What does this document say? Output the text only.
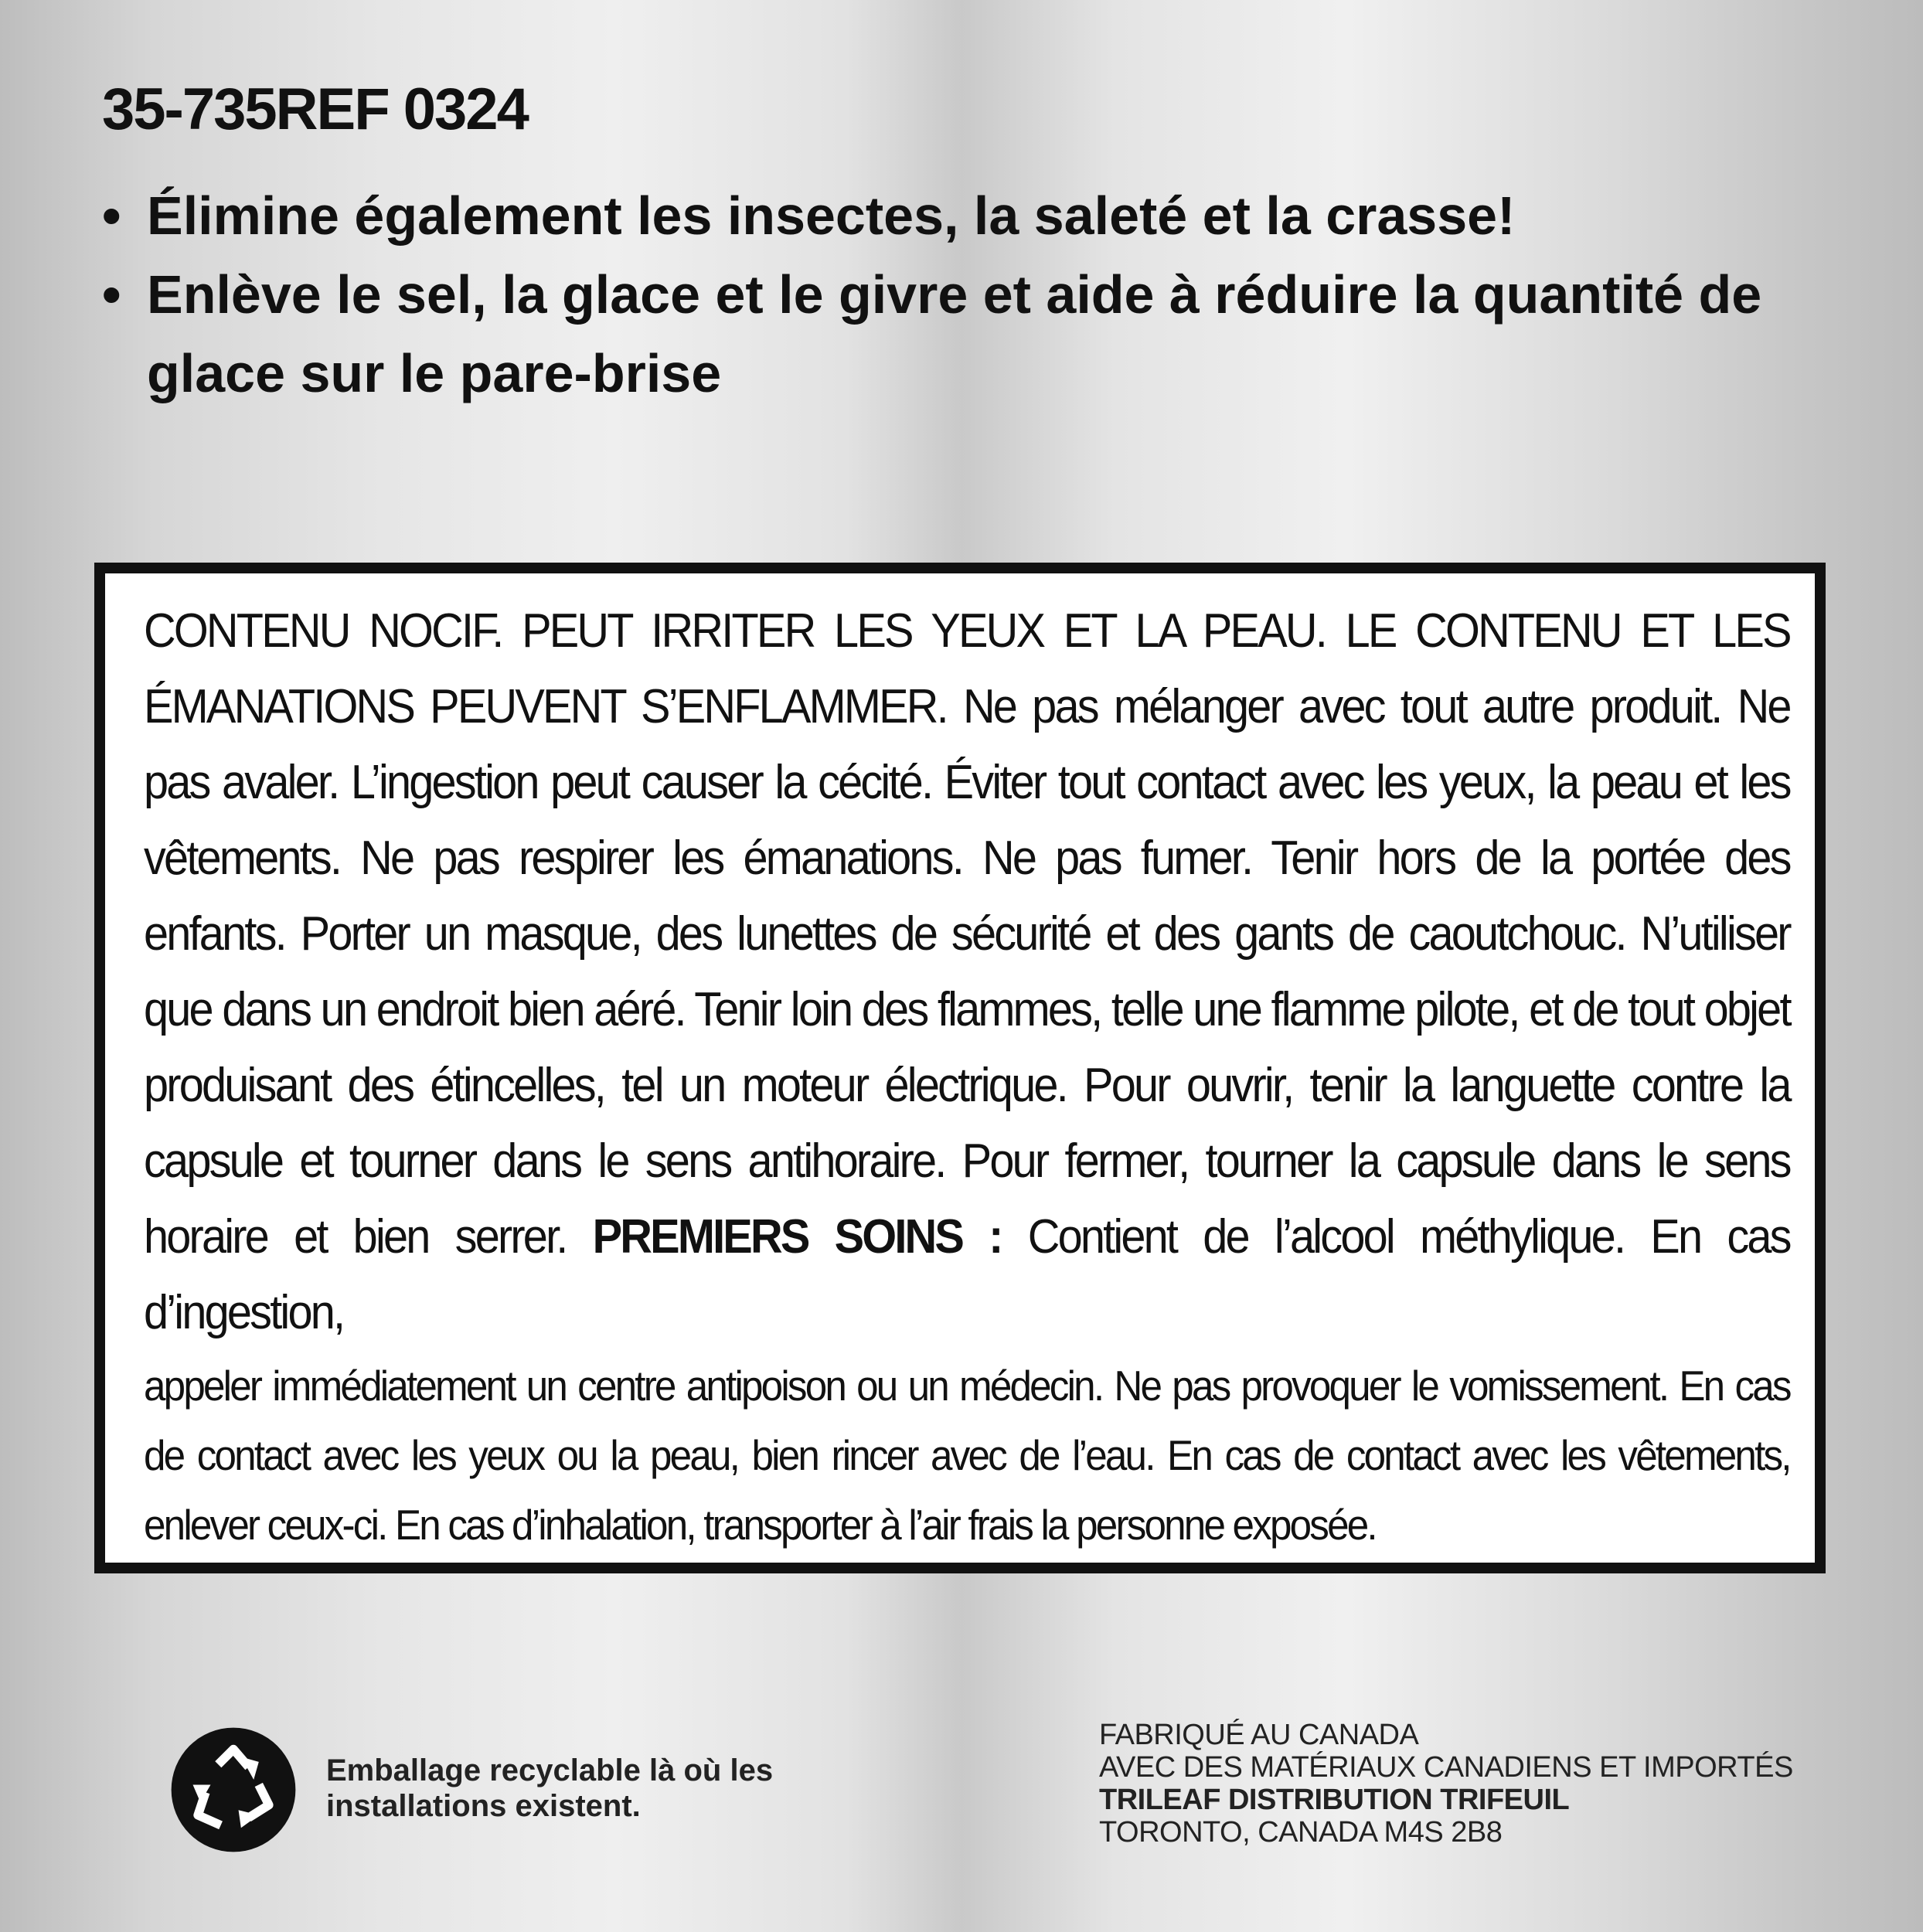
35-735REF 0324
• Élimine également les insectes, la saleté et la crasse!
• Enlève le sel, la glace et le givre et aide à réduire la quantité de glace sur le pare-brise

CONTENU NOCIF. PEUT IRRITER LES YEUX ET LA PEAU. LE CONTENU ET LES ÉMANATIONS PEUVENT S’ENFLAMMER. Ne pas mélanger avec tout autre produit. Ne pas avaler. L’ingestion peut causer la cécité. Éviter tout contact avec les yeux, la peau et les vêtements. Ne pas respirer les émanations. Ne pas fumer. Tenir hors de la portée des enfants. Porter un masque, des lunettes de sécurité et des gants de caoutchouc. N’utiliser que dans un endroit bien aéré. Tenir loin des flammes, telle une flamme pilote, et de tout objet produisant des étincelles, tel un moteur électrique. Pour ouvrir, tenir la languette contre la capsule et tourner dans le sens antihoraire. Pour fermer, tourner la capsule dans le sens horaire et bien serrer. PREMIERS SOINS : Contient de l’alcool méthylique. En cas d’ingestion,

appeler immédiatement un centre antipoison ou un médecin. Ne pas provoquer le vomissement. En cas de contact avec les yeux ou la peau, bien rincer avec de l’eau. En cas de contact avec les vêtements, enlever ceux-ci. En cas d’inhalation, transporter à l’air frais la personne exposée.

Emballage recyclable là où les
installations existent.
FABRIQUÉ AU CANADA
AVEC DES MATÉRIAUX CANADIENS ET IMPORTÉS
TRILEAF DISTRIBUTION TRIFEUIL
TORONTO, CANADA M4S 2B8
